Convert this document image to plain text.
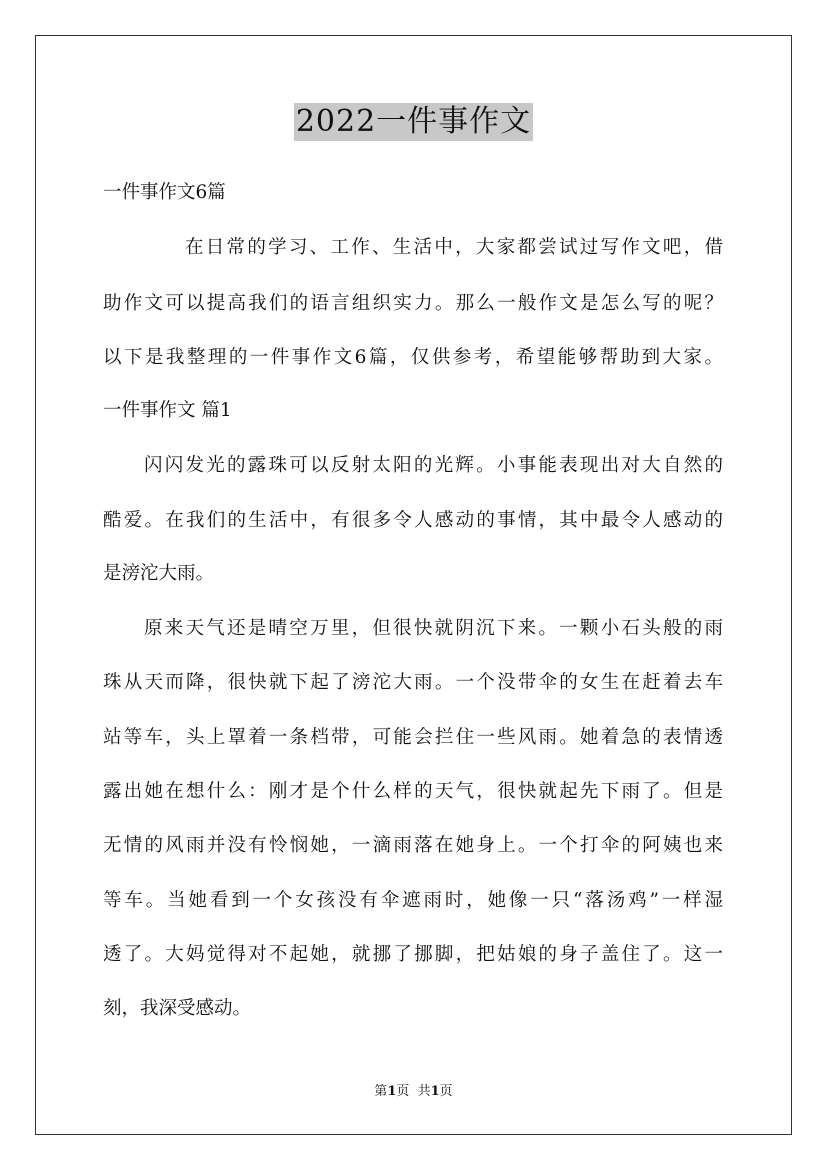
2022一件事作文
一件事作文6篇
在日常的学习、工作、生活中，大家都尝试过写作文吧，借
助作文可以提高我们的语言组织实力。那么一般作文是怎么写的呢？
以下是我整理的一件事作文6篇，仅供参考，希望能够帮助到大家。
一件事作文 篇1
闪闪发光的露珠可以反射太阳的光辉。小事能表现出对大自然的
酷爱。在我们的生活中，有很多令人感动的事情，其中最令人感动的
是滂沱大雨。
原来天气还是晴空万里，但很快就阴沉下来。一颗小石头般的雨
珠从天而降，很快就下起了滂沱大雨。一个没带伞的女生在赶着去车
站等车，头上罩着一条档带，可能会拦住一些风雨。她着急的表情透
露出她在想什么：刚才是个什么样的天气，很快就起先下雨了。但是
无情的风雨并没有怜悯她，一滴雨落在她身上。一个打伞的阿姨也来
等车。当她看到一个女孩没有伞遮雨时，她像一只“落汤鸡”一样湿
透了。大妈觉得对不起她，就挪了挪脚，把姑娘的身子盖住了。这一
刻，我深受感动。
第1页  共1页
